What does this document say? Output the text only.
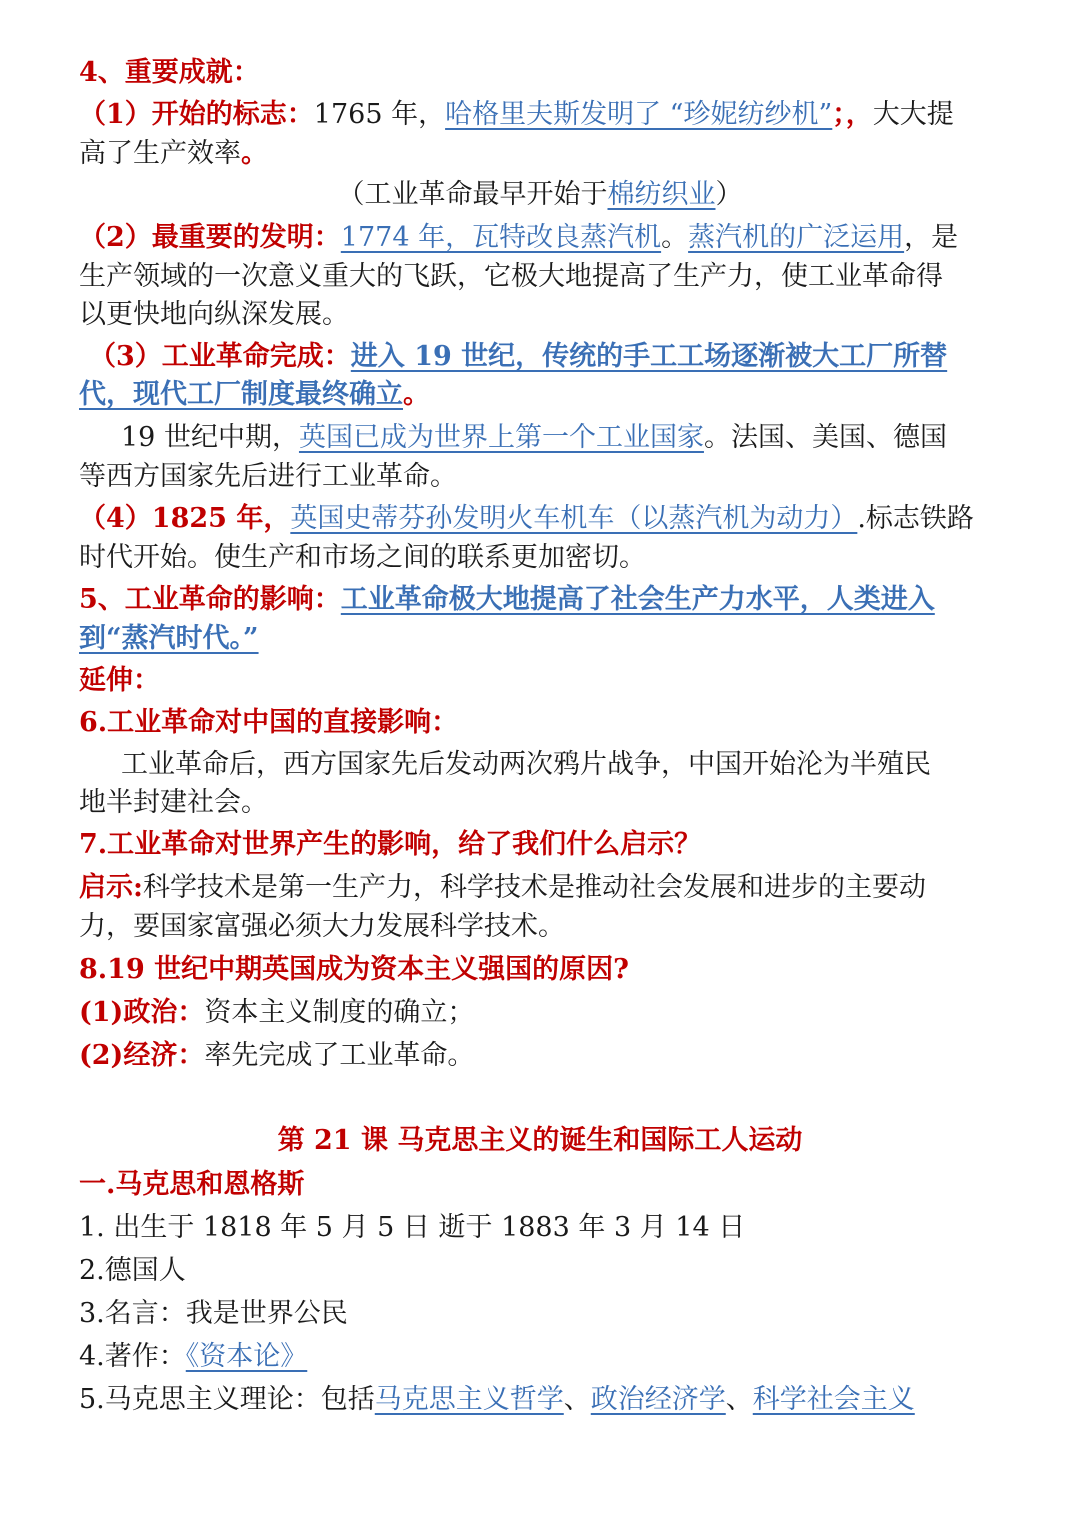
4、重要成就：
（1）开始的标志：1765 年，哈格里夫斯发明了 “珍妮纺纱机”；，大大提
高了生产效率。
（工业革命最早开始于棉纺织业）
（2）最重要的发明：1774 年，瓦特改良蒸汽机。蒸汽机的广泛运用，是
生产领域的一次意义重大的飞跃，它极大地提高了生产力，使工业革命得
以更快地向纵深发展。
（3）工业革命完成：进入 19 世纪，传统的手工工场逐渐被大工厂所替
代，现代工厂制度最终确立。
19 世纪中期，英国已成为世界上第一个工业国家。法国、美国、德国
等西方国家先后进行工业革命。
（4）1825 年，英国史蒂芬孙发明火车机车（以蒸汽机为动力）.标志铁路
时代开始。使生产和市场之间的联系更加密切。
5、工业革命的影响：工业革命极大地提高了社会生产力水平，人类进入
到“蒸汽时代。”
延伸：
6.工业革命对中国的直接影响：
工业革命后，西方国家先后发动两次鸦片战争，中国开始沦为半殖民
地半封建社会。
7.工业革命对世界产生的影响，给了我们什么启示？
启示:科学技术是第一生产力，科学技术是推动社会发展和进步的主要动
力，要国家富强必须大力发展科学技术。
8.19 世纪中期英国成为资本主义强国的原因?
(1)政治：资本主义制度的确立；
(2)经济：率先完成了工业革命。
第 21 课 马克思主义的诞生和国际工人运动
一.马克思和恩格斯
1. 出生于 1818 年 5 月 5 日 逝于 1883 年 3 月 14 日
2.德国人
3.名言：我是世界公民
4.著作：《资本论》
5.马克思主义理论：包括马克思主义哲学、政治经济学、科学社会主义
